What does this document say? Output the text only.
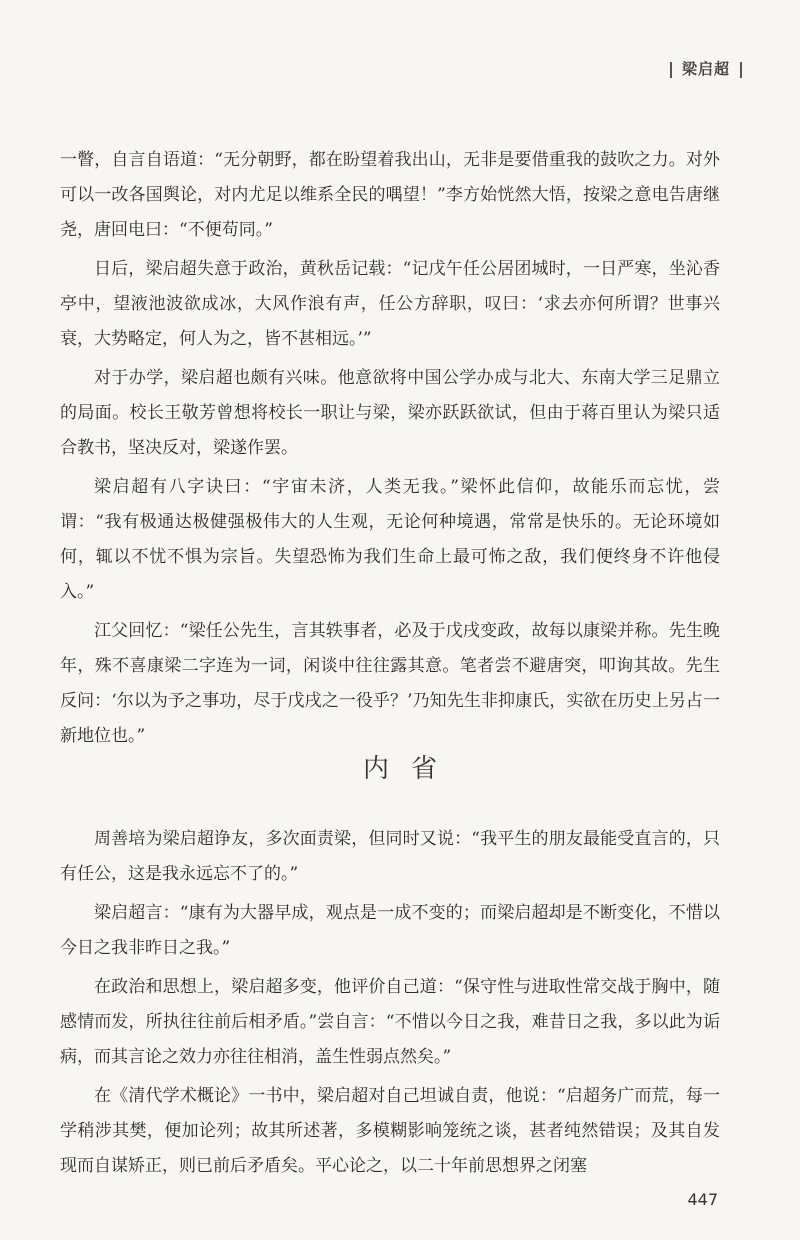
梁启超

一瞥，自言自语道：“无分朝野，都在盼望着我出山，无非是要借重我的鼓吹之力。对外可以一改各国舆论，对内尤足以维系全民的喁望！”李方始恍然大悟，按梁之意电告唐继尧，唐回电曰：“不便苟同。”

日后，梁启超失意于政治，黄秋岳记载：“记戊午任公居团城时，一日严寒，坐沁香亭中，望液池波欲成冰，大风作浪有声，任公方辞职，叹曰：‘求去亦何所谓？世事兴衰，大势略定，何人为之，皆不甚相远。’”

对于办学，梁启超也颇有兴味。他意欲将中国公学办成与北大、东南大学三足鼎立的局面。校长王敬芳曾想将校长一职让与梁，梁亦跃跃欲试，但由于蒋百里认为梁只适合教书，坚决反对，梁遂作罢。

梁启超有八字诀曰：“宇宙未济，人类无我。”梁怀此信仰，故能乐而忘忧，尝谓：“我有极通达极健强极伟大的人生观，无论何种境遇，常常是快乐的。无论环境如何，辄以不忧不惧为宗旨。失望恐怖为我们生命上最可怖之敌，我们便终身不许他侵入。”

江父回忆：“梁任公先生，言其轶事者，必及于戊戌变政，故每以康梁并称。先生晚年，殊不喜康梁二字连为一词，闲谈中往往露其意。笔者尝不避唐突，叩询其故。先生反问：‘尔以为予之事功，尽于戊戌之一役乎？’乃知先生非抑康氏，实欲在历史上另占一新地位也。”

内省

周善培为梁启超诤友，多次面责梁，但同时又说：“我平生的朋友最能受直言的，只有任公，这是我永远忘不了的。”

梁启超言：“康有为大器早成，观点是一成不变的；而梁启超却是不断变化，不惜以今日之我非昨日之我。”

在政治和思想上，梁启超多变，他评价自己道：“保守性与进取性常交战于胸中，随感情而发，所执往往前后相矛盾。”尝自言：“不惜以今日之我，难昔日之我，多以此为诟病，而其言论之效力亦往往相消，盖生性弱点然矣。”

在《清代学术概论》一书中，梁启超对自己坦诚自责，他说：“启超务广而荒，每一学稍涉其樊，便加论列；故其所述著，多模糊影响笼统之谈，甚者纯然错误；及其自发现而自谋矫正，则已前后矛盾矣。平心论之，以二十年前思想界之闭塞

447
